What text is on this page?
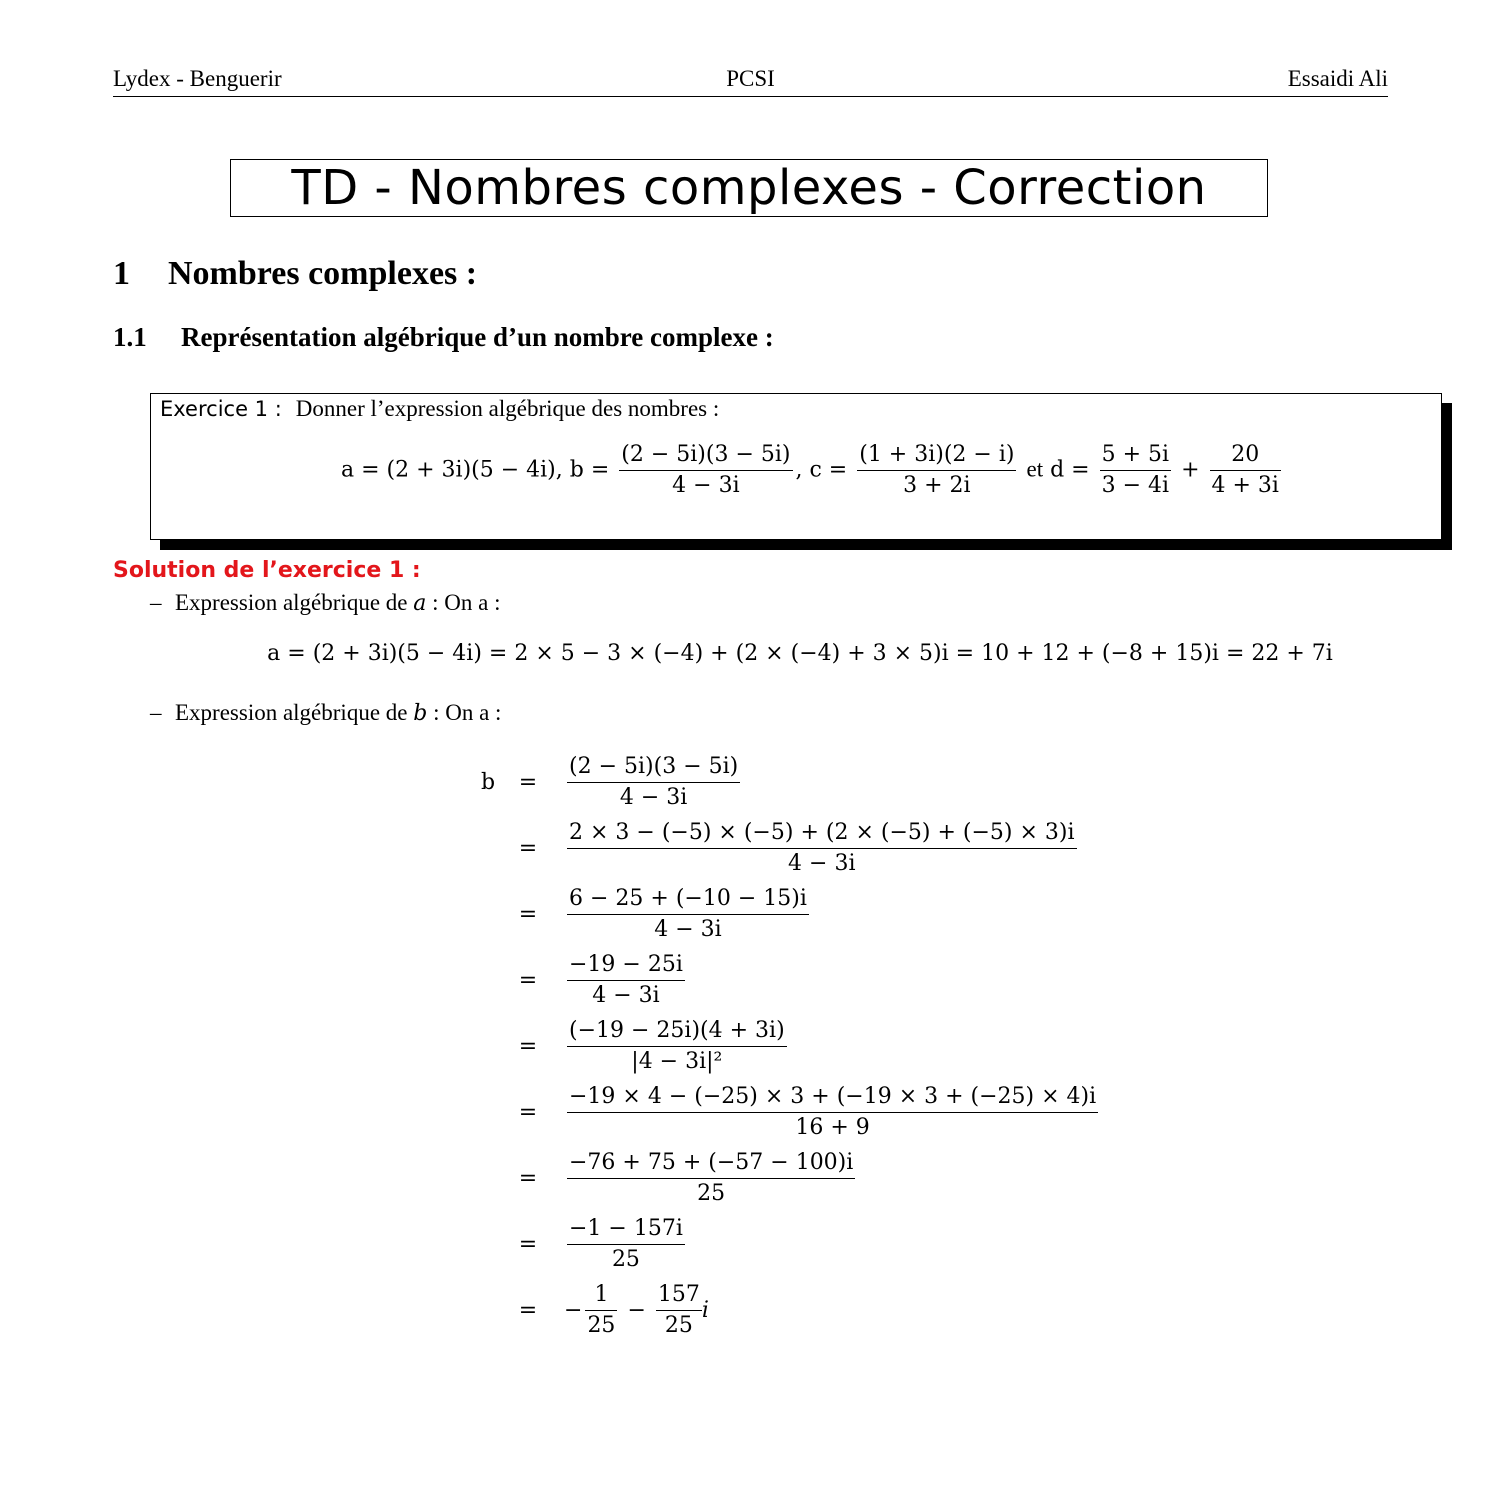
Lydex - Benguerir	PCSI	Essaidi Ali
TD - Nombres complexes - Correction
1 Nombres complexes :
1.1 Représentation algébrique d’un nombre complexe :
Exercice 1 : Donner l’expression algébrique des nombres :
a = (2 + 3i)(5 − 4i), $b = \frac{(2 - 5i)(3 - 5i)}{4 - 3i}$ , $c = \frac{(1 + 3i)(2 - i)}{3 + 2i}$ et $d = \frac{5 + 5i}{3 - 4i} + \frac{20}{4 + 3i}$
Solution de l’exercice 1 :
– Expression algébrique de a : On a :
a = (2 + 3i)(5 − 4i) = 2 × 5 − 3 × (−4) + (2 × (−4) + 3 × 5)i = 10 + 12 + (−8 + 15)i = 22 + 7i
– Expression algébrique de b : On a :
b	= $\frac{(2 - 5i)(3 - 5i)}{4 - 3i}$
= $\frac{2 \times 3 - (-5) \times (-5) + (2 \times (-5) + (-5) \times 3)i}{4 - 3i}$
= $\frac{6 - 25 + (-10 - 15)i}{4 - 3i}$
= $\frac{-19 - 25i}{4 - 3i}$
= $\frac{(-19 - 25i)(4 + 3i)}{\text{|4 − 3i|²}}$
= $\frac{-19 \times 4 - (-25) \times 3 + (-19 \times 3 + (-25) \times 4)i}{16 + 9}$
= $\frac{-76 + 75 + (-57 - 100)i}{25}$
= $\frac{-1 - 157i}{25}$
= − $\frac{1}{25} - \frac{157}{25}$ i
